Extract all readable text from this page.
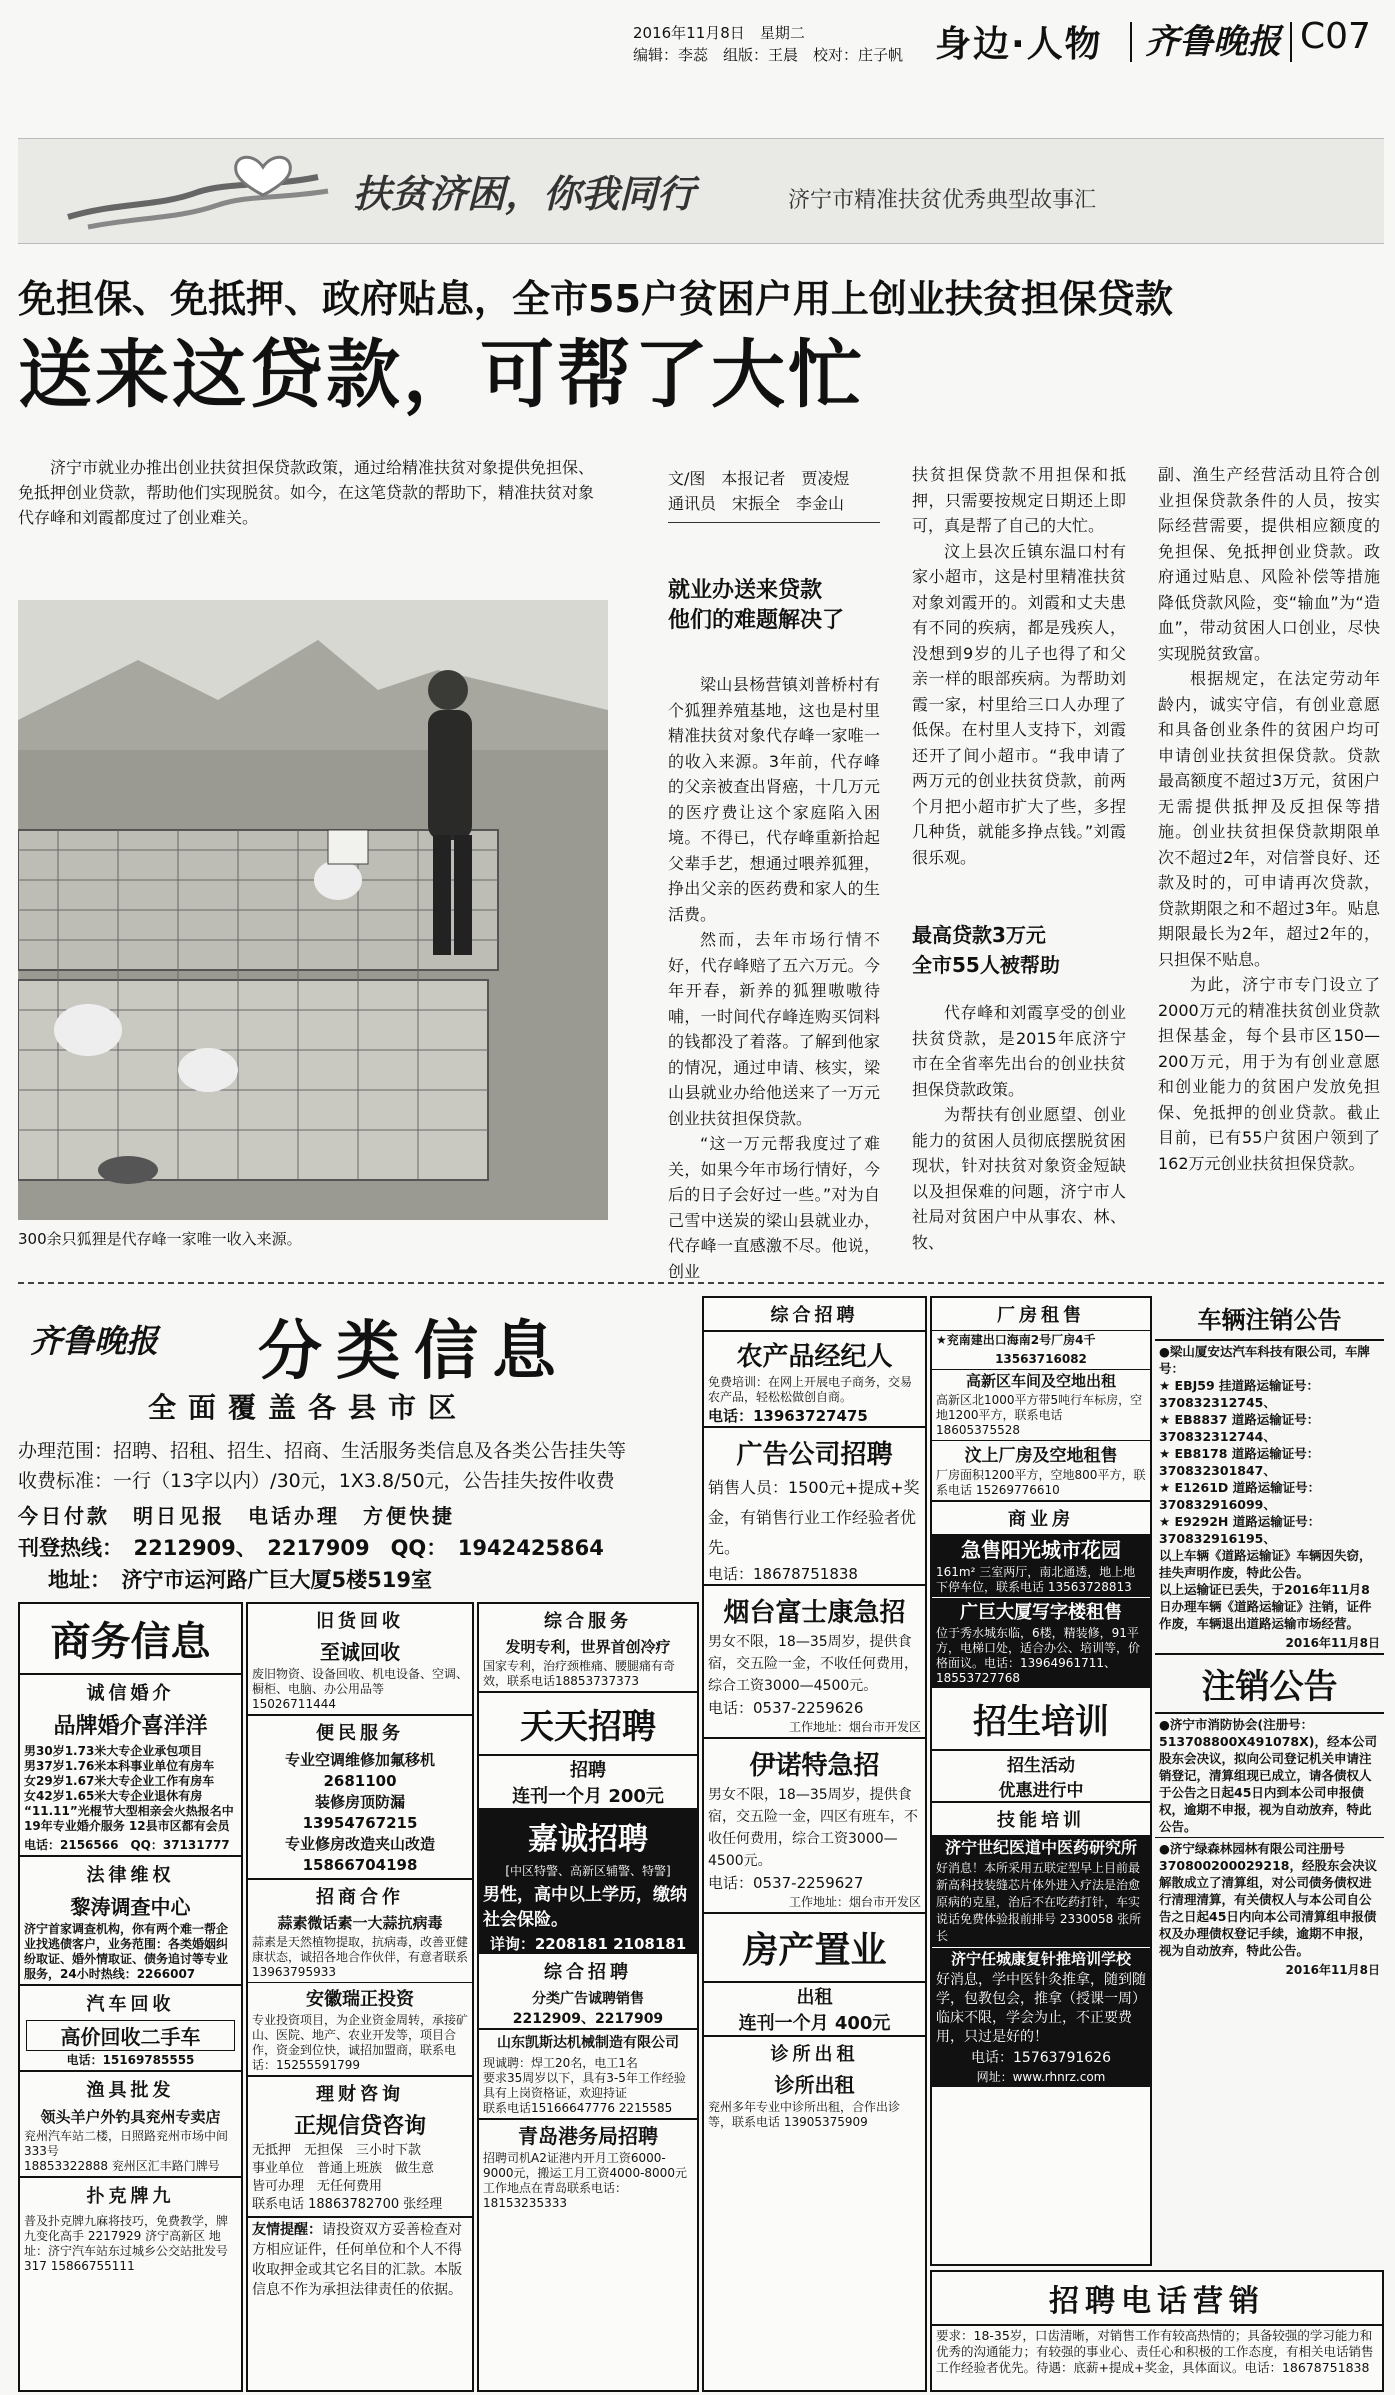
2016年11月8日　 星期二
编辑：李蕊　组版：王晨　校对：庄子帆 身边·人物 齐鲁晚报 C07
扶贫济困，你我同行	济宁市精准扶贫优秀典型故事汇
免担保、免抵押、政府贴息，全市55户贫困户用上创业扶贫担保贷款
送来这贷款，可帮了大忙
济宁市就业办推出创业扶贫担保贷款政策，通过给精准扶贫对象提供免担保、免抵押创业贷款，帮助他们实现脱贫。如今，在这笔贷款的帮助下，精准扶贫对象代存峰和刘霞都度过了创业难关。
300余只狐狸是代存峰一家唯一收入来源。
文/图　本报记者　贾凌煜　通讯员　宋振全　李金山
就业办送来贷款
他们的难题解决了

梁山县杨营镇刘普桥村有个狐狸养殖基地，这也是村里精准扶贫对象代存峰一家唯一的收入来源。3年前，代存峰的父亲被查出肾癌，十几万元的医疗费让这个家庭陷入困境。不得已，代存峰重新拾起父辈手艺，想通过喂养狐狸，挣出父亲的医药费和家人的生活费。

然而，去年市场行情不好，代存峰赔了五六万元。今年开春，新养的狐狸嗷嗷待哺，一时间代存峰连购买饲料的钱都没了着落。了解到他家的情况，通过申请、核实，梁山县就业办给他送来了一万元创业扶贫担保贷款。

“这一万元帮我度过了难关，如果今年市场行情好，今后的日子会好过一些。”对为自己雪中送炭的梁山县就业办，代存峰一直感激不尽。他说，创业

扶贫担保贷款不用担保和抵押，只需要按规定日期还上即可，真是帮了自己的大忙。

汶上县次丘镇东温口村有家小超市，这是村里精准扶贫对象刘霞开的。刘霞和丈夫患有不同的疾病，都是残疾人，没想到9岁的儿子也得了和父亲一样的眼部疾病。为帮助刘霞一家，村里给三口人办理了低保。在村里人支持下，刘霞还开了间小超市。“我申请了两万元的创业扶贫贷款，前两个月把小超市扩大了些，多捏几种货，就能多挣点钱。”刘霞很乐观。

最高贷款3万元
全市55人被帮助

代存峰和刘霞享受的创业扶贫贷款，是2015年底济宁市在全省率先出台的创业扶贫担保贷款政策。

为帮扶有创业愿望、创业能力的贫困人员彻底摆脱贫困现状，针对扶贫对象资金短缺以及担保难的问题，济宁市人社局对贫困户中从事农、林、牧、

副、渔生产经营活动且符合创业担保贷款条件的人员，按实际经营需要，提供相应额度的免担保、免抵押创业贷款。政府通过贴息、风险补偿等措施降低贷款风险，变“输血”为“造血”，带动贫困人口创业，尽快实现脱贫致富。

根据规定，在法定劳动年龄内，诚实守信，有创业意愿和具备创业条件的贫困户均可申请创业扶贫担保贷款。贷款最高额度不超过3万元，贫困户无需提供抵押及反担保等措施。创业扶贫担保贷款期限单次不超过2年，对信誉良好、还款及时的，可申请再次贷款，贷款期限之和不超过3年。贴息期限最长为2年，超过2年的，只担保不贴息。

为此，济宁市专门设立了2000万元的精准扶贫创业贷款担保基金，每个县市区150—200万元，用于为有创业意愿和创业能力的贫困户发放免担保、免抵押的创业贷款。截止目前，已有55户贫困户领到了162万元创业扶贫担保贷款。

齐鲁晚报 分类信息
全面覆盖各县市区
办理范围：招聘、招租、招生、招商、生活服务类信息及各类公告挂失等
收费标准：一行（13字以内）/30元，1X3.8/50元，公告挂失按件收费
今日付款　明日见报　电话办理　方便快捷
刊登热线：　2212909、　2217909　QQ：　1942425864
地址：　济宁市运河路广巨大厦5楼519室
商务信息
诚信婚介
品牌婚介喜洋洋
男30岁1.73米大专企业承包项目
男37岁1.76米本科事业单位有房车
女29岁1.67米大专企业工作有房车
女42岁1.65米大专企业退休有房
“11.11”光棍节大型相亲会火热报名中
19年专业婚介服务 12县市区都有会员
电话：2156566　QQ：37131777
法律维权
黎涛调查中心
济宁首家调查机构，你有两个难一帮企业找逃债客户，业务范围：各类婚姻纠纷取证、婚外情取证、债务追讨等专业服务，24小时热线：2266007
汽车回收
高价回收二手车
电话：15169785555
渔具批发
领头羊户外钓具兖州专卖店
兖州汽车站二楼，日照路兖州市场中间333号
18853322888 兖州区汇丰路门牌号
扑克牌九
普及扑克牌九麻将技巧，免费教学，牌九变化高手 2217929 济宁高新区 地址：济宁汽车站东过城乡公交站批发号 317 15866755111
旧货回收
至诚回收
废旧物资、设备回收、机电设备、空调、橱柜、电脑、办公用品等 15026711444
便民服务
专业空调维修加氟移机
2681100
装修房顶防漏
13954767215
专业修房改造夹山改造
15866704198
招商合作
蒜素微话素一大蒜抗病毒
蒜素是天然植物提取，抗病毒，改善亚健康状态，诚招各地合作伙伴，有意者联系 13963795933
安徽瑞正投资
专业投资项目，为企业资金周转，承接矿山、医院、地产、农业开发等，项目合作，资金到位快，诚招加盟商，联系电话：15255591799
理财咨询
正规信贷咨询
无抵押　无担保　三小时下款
事业单位　普通上班族　做生意
皆可办理　无任何费用
联系电话 18863782700 张经理
友情提醒：请投资双方妥善检查对方相应证件，任何单位和个人不得收取押金或其它名目的汇款。本版信息不作为承担法律责任的依据。
综合服务
发明专利，世界首创冷疗
国家专利，治疗颈椎痛、腰腿痛有奇效，联系电话18853737373
天天招聘
招聘
连刊一个月 200元
嘉诚招聘
[中区特警、高新区辅警、特警]
男性，高中以上学历，缴纳社会保险。
详询：2208181 2108181
综合招聘
分类广告诚聘销售
2212909、2217909
山东凯斯达机械制造有限公司
现诚聘：焊工20名，电工1名
要求35周岁以下，具有3-5年工作经验
具有上岗资格证，欢迎持证
联系电话15166647776 2215585
青岛港务局招聘
招聘司机A2证港内开月工资6000-9000元，搬运工月工资4000-8000元工作地点在青岛联系电话：18153235333
综合招聘
农产品经纪人
免费培训：在网上开展电子商务，交易农产品，轻松松做创自商。
电话：13963727475
广告公司招聘
销售人员：1500元+提成+奖金，有销售行业工作经验者优先。
电话：18678751838
烟台富士康急招
男女不限，18—35周岁，提供食宿，交五险一金，不收任何费用，综合工资3000—4500元。
电话：0537-2259626
工作地址：烟台市开发区
伊诺特急招
男女不限，18—35周岁，提供食宿，交五险一金，四区有班车，不收任何费用，综合工资3000—4500元。
电话：0537-2259627
工作地址：烟台市开发区
房产置业
出租
连刊一个月 400元
诊所出租
诊所出租
兖州多年专业中诊所出租，合作出诊等，联系电话 13905375909
厂房租售
★兖南建出口海南2号厂房4千
13563716082
高新区车间及空地出租
高新区北1000平方带5吨行车标房，空地1200平方，联系电话 18605375528
汶上厂房及空地租售
厂房面积1200平方，空地800平方，联系电话 15269776610
商业房
急售阳光城市花园
161m² 三室两厅，南北通透，地上地下停车位，联系电话 13563728813
广巨大厦写字楼租售
位于秀水城东临，6楼，精装修，91平方，电梯口处，适合办公、培训等，价格面议。电话：13964961711、18553727768
招生培训
招生活动
优惠进行中
技能培训
济宁世纪医道中医药研究所
好消息！本所采用五联定型早上目前最新高科技装缝芯片体外进入疗法是治愈原病的克星，治后不在吃药打针，车实说话免费体验报前排号 2330058 张所长
济宁任城康复针推培训学校
好消息，学中医针灸推拿，随到随学，包教包会，推拿（授课一周）临床不限，学会为止，不正要费用，只过是好的！
电话：15763791626
网址：www.rhnrz.com
车辆注销公告
●梁山厦安达汽车科技有限公司，车牌号：
★ EBJ59 挂道路运输证号：370832312745、
★ EB8837 道路运输证号：370832312744、
★ EB8178 道路运输证号：370832301847、
★ E1261D 道路运输证号：370832916099、
★ E9292H 道路运输证号：370832916195、
以上车辆《道路运输证》车辆因失窃，挂失声明作废，特此公告。
以上运输证已丢失，于2016年11月8日办理车辆《道路运输证》注销，证件作废，车辆退出道路运输市场经营。
2016年11月8日
注销公告
●济宁市消防协会(注册号：513708800X491078X)，经本公司股东会决议，拟向公司登记机关申请注销登记，清算组现已成立，请各债权人于公告之日起45日内到本公司申报债权，逾期不申报，视为自动放弃，特此公告。
●济宁绿森林园林有限公司注册号 370800200029218，经股东会决议解散成立了清算组，对公司债务债权进行清理清算，有关债权人与本公司自公告之日起45日内向本公司清算组申报债权及办理债权登记手续，逾期不申报，视为自动放弃，特此公告。
2016年11月8日
招聘电话营销
要求：18-35岁，口齿清晰，对销售工作有较高热情的；具备较强的学习能力和优秀的沟通能力；有较强的事业心、责任心和积极的工作态度，有相关电话销售工作经验者优先。待遇：底薪+提成+奖金，具体面议。电话：18678751838
